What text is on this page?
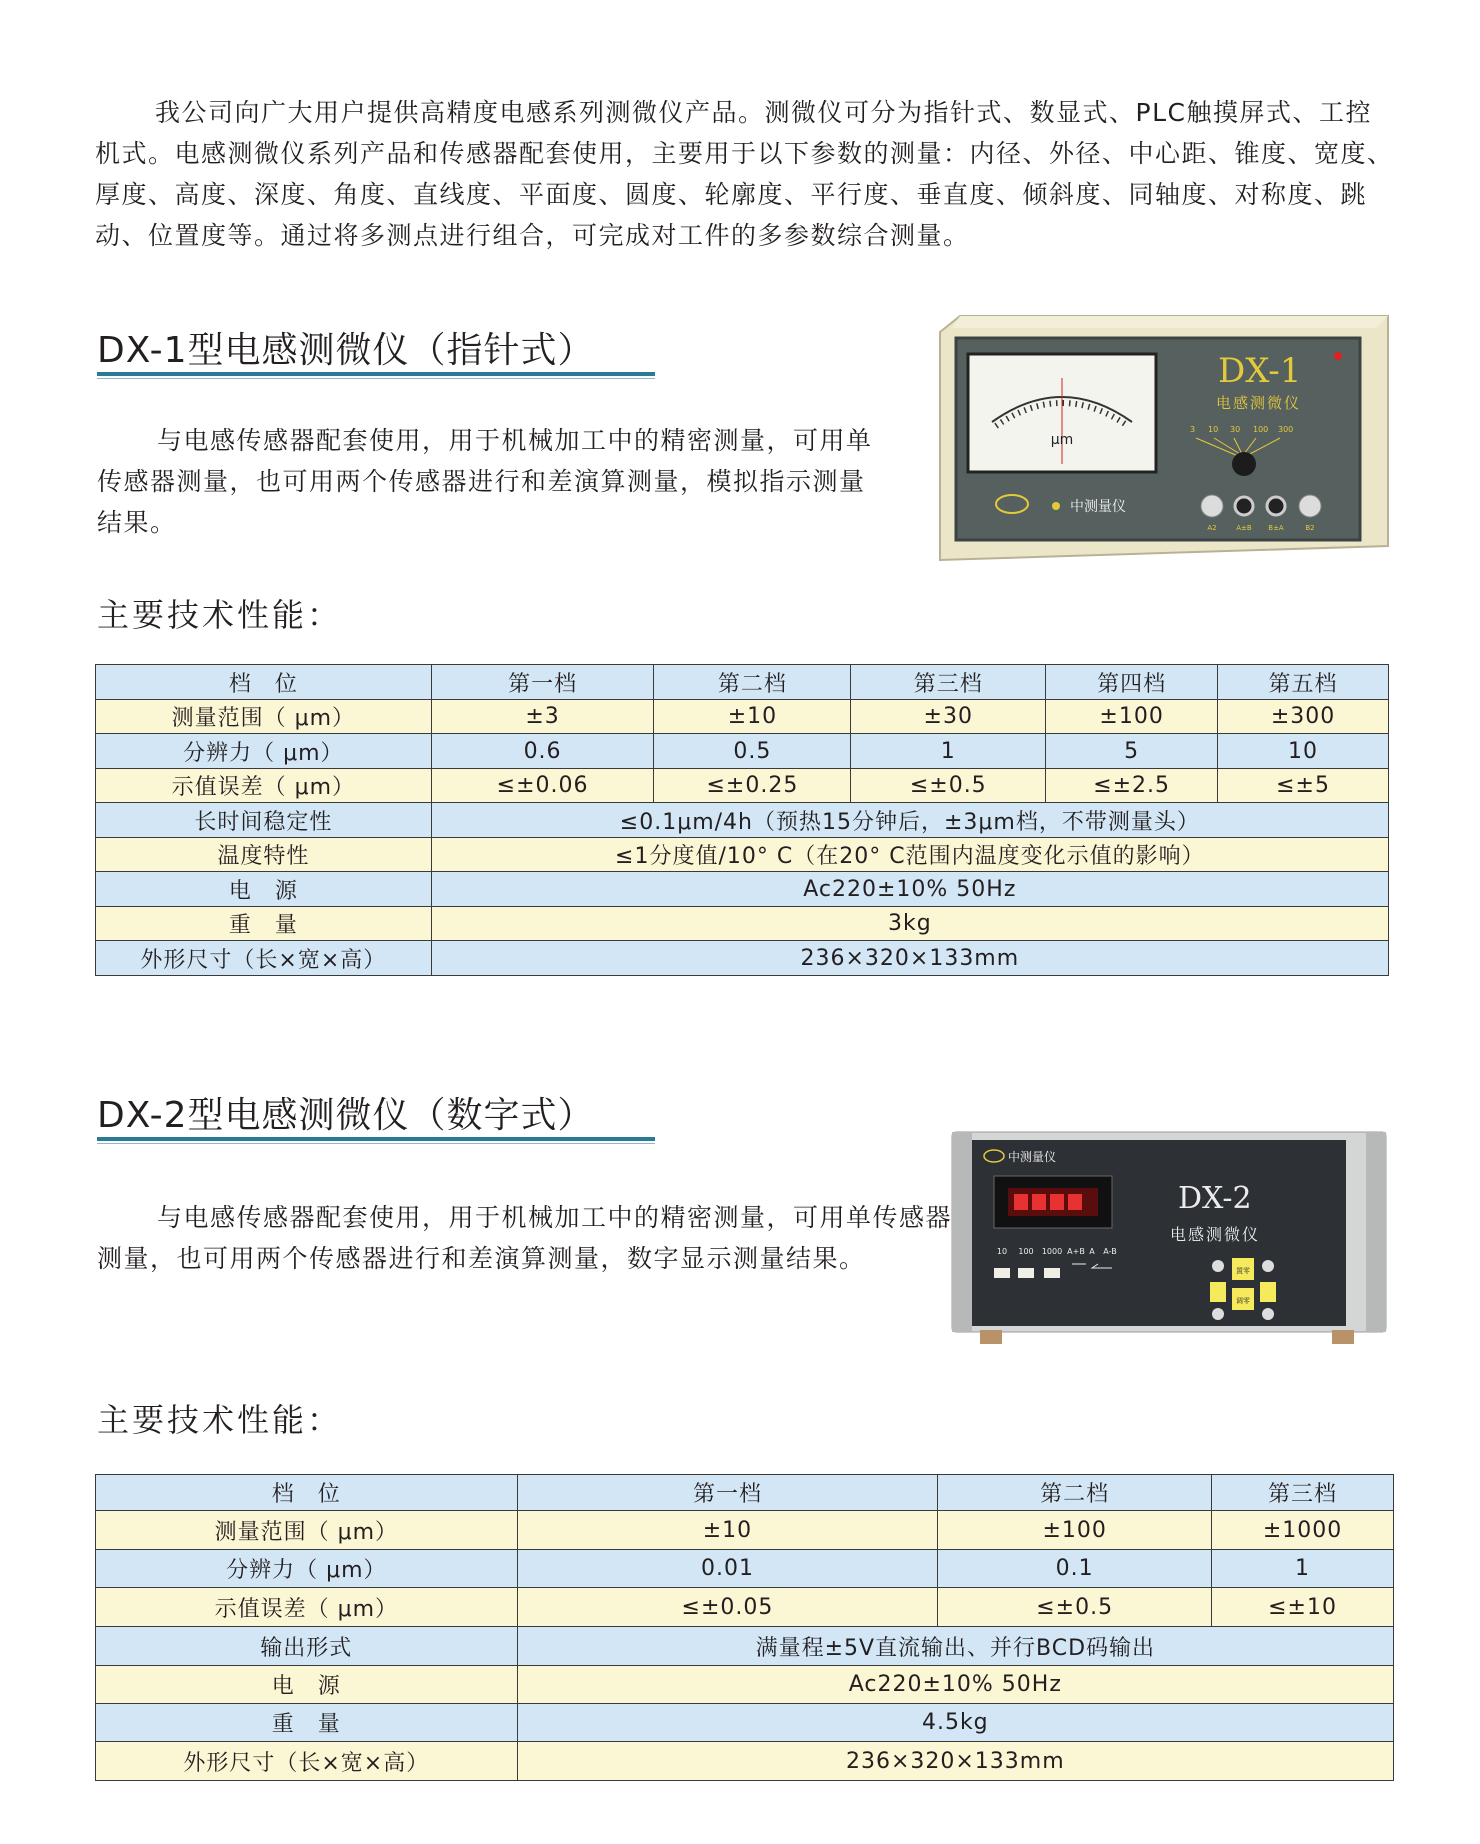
我公司向广大用户提供高精度电感系列测微仪产品。测微仪可分为指针式、数显式、PLC触摸屏式、工控机式。电感测微仪系列产品和传感器配套使用，主要用于以下参数的测量：内径、外径、中心距、锥度、宽度、厚度、高度、深度、角度、直线度、平面度、圆度、轮廓度、平行度、垂直度、倾斜度、同轴度、对称度、跳动、位置度等。通过将多测点进行组合，可完成对工件的多参数综合测量。

DX-1型电感测微仪（指针式）

与电感传感器配套使用，用于机械加工中的精密测量，可用单传感器测量，也可用两个传感器进行和差演算测量，模拟指示测量结果。

μm
DX-1
电感测微仪
3 10 30 100 300
中测量仪
A2	A±B B±A	B2
主要技术性能：
档　位	第一档	第二档	第三档	第四档	第五档
测量范围（ μm）	±3	±10	±30	±100	±300
分辨力（ μm）	0.6	0.5	1	5	10
示值误差（ μm）	≤±0.06	≤±0.25	≤±0.5	≤±2.5	≤±5
长时间稳定性	≤0.1μm/4h（预热15分钟后，±3μm档，不带测量头）				
温度特性	≤1分度值/10° C（在20° C范围内温度变化示值的影响）				
电　源	Ac220±10% 50Hz				
重　量	3kg				
外形尺寸（长×宽×高）	236×320×133mm				
DX-2型电感测微仪（数字式）

与电感传感器配套使用，用于机械加工中的精密测量，可用单传感器测量，也可用两个传感器进行和差演算测量，数字显示测量结果。

中测量仪
DX-2
电感测微仪
10 100 1000 A+B A A-B
置零
调零
主要技术性能：
档　位	第一档	第二档	第三档
测量范围（ μm）	±10	±100	±1000
分辨力（ μm）	0.01	0.1	1
示值误差（ μm）	≤±0.05	≤±0.5	≤±10
输出形式	满量程±5V直流输出、并行BCD码输出		
电　源	Ac220±10% 50Hz		
重　量	4.5kg		
外形尺寸（长×宽×高）	236×320×133mm		
